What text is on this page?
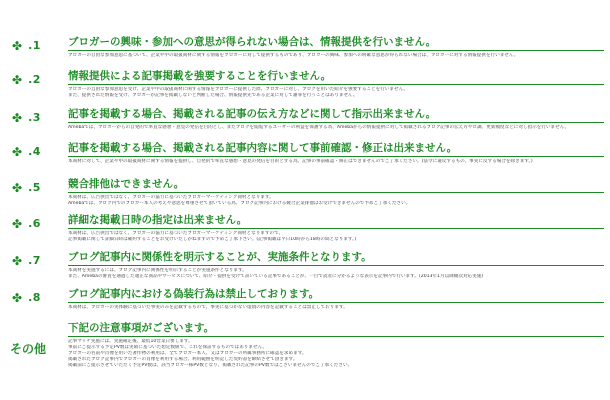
✤ .1	ブロガーの興味・参加への意思が得られない場合は、情報提供を行いません。
ブロガーの自由な参加意思に基づいて、企業や中の取扱商材に関する情報をブロガーに対して提供するものであり、ブロガーの興味、参加への明確な意思が得られない場合は、ブロガーに対する情報提供を行いません。
✤ .2	情報提供による記事掲載を強要することを行いません。
ブロガーの自由な参加意思を受け、企業や中の取扱商材に関する情報をブロガーに提供した際、ブロガーに対し、ブログを用いた紹介を強要することを行いません。
また、提供された情報を受け、ブロガーが記事を掲載しないと判断した場合、情報提供先である企業に対して謝罪を行うことはありません。
✤ .3	記事を掲載する場合、掲載される記事の伝え方などに関して指示出来ません。
Amebaでは、ブロガーからの自発的で率直な感想・意見の発信を目的とし、またブログを閲覧するユーザーの利益を保護する為、Amebaからの情報提供に対して掲載されるブログ記事の伝え方やロ調、更新頻度などに対し指示を行いません。
✤ .4	記事を掲載する場合、掲載される記事内容に関して事前確認・修正は出来ません。
本商材に対して、企業や中の取扱商材に関する情報を提供し、自発的で率直な感想・意見の発信を目的とする為、記事の事前確認・修正はできませんのでご了承ください。(法令に違反するもの、事実に反する場合を除きます。)
✤ .5	競合排他はできません。
本商材は、広告供出ではなく、ブロガーの協力に基づいたブロガーマーケティング商材となります。
Amebaでは、ブログ内でのブロガー本人の考えや意思を尊重させて頂いている為、ブログ記事内における競合企業排他はお受けできませんので予めご了承ください。
✤ .6	詳細な掲載日時の指定は出来ません。
本商材は、広告供出ではなく、ブロガーの協力に基づいたブロガーマーケティング商材となりますので、
記事掲載に関して詳細日時は確約することをお受けいたしかねますので予めご了承下さい。(記事掲載は平日10時から18時の間となります。)
✤ .7	ブログ記事内に関係性を明示することが、実施条件となります。
本商材を実施するには、ブログ記事内に関係性を明示することが実施条件となります。
また、Amebaの審査を通過した適正な商品やサービスについて、紹介・提供を受けて書いている記事であることが、一目で読者に分かるような表示を記事内で行います。(2013年1月以降順次対応実施)
✤ .8	ブログ記事内における偽装行為は禁止しております。
本商材は、ブロガーの実体験に基づいた事実のみを記載するもので、事実に基づかない虚偽の内容を記載することは禁止しております。
その他
下記の注意事項がございます。
記事マッチ実施には、実施確定後、最低10営業日要します。
事前にご提示する予定PV数は実績に基づいた想定数値で、これを保証するものではありません。
ブロガーの名前や肖像を用いた著作物の利用は、全てブロガー本人、又はブロガーの所属事務所に確認を求めます。
掲載されたブログ記事内でブロガーの肖像を利用する場合、利用範囲を明記した契約書を締結させて頂きます。
掲載前にご提示させていただく予定PV数は、該当ブロガー様PV数となり、掲載された記事のPV数ではございませんのでご了承ください。
